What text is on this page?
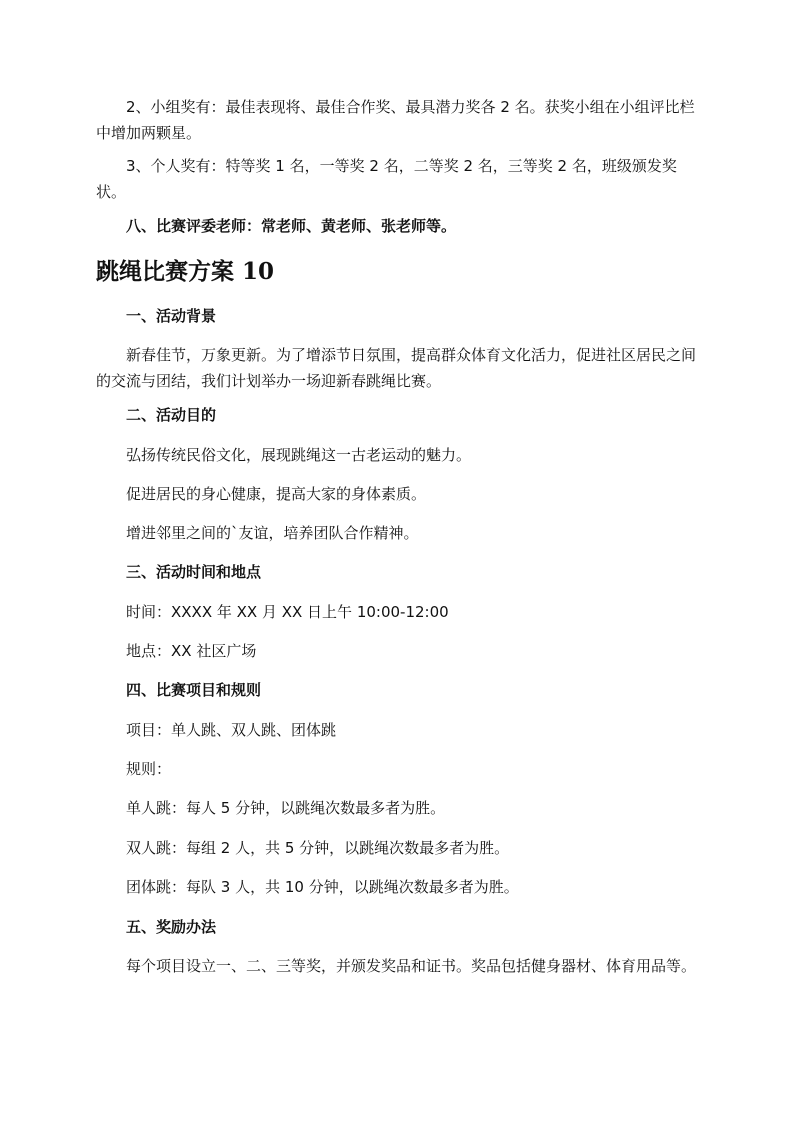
2、小组奖有：最佳表现将、最佳合作奖、最具潜力奖各 2 名。获奖小组在小组评比栏中增加两颗星。

3、个人奖有：特等奖 1 名，一等奖 2 名，二等奖 2 名，三等奖 2 名，班级颁发奖状。

八、比赛评委老师：常老师、黄老师、张老师等。

跳绳比赛方案 10

一、活动背景

新春佳节，万象更新。为了增添节日氛围，提高群众体育文化活力，促进社区居民之间的交流与团结，我们计划举办一场迎新春跳绳比赛。

二、活动目的

弘扬传统民俗文化，展现跳绳这一古老运动的魅力。

促进居民的身心健康，提高大家的身体素质。

增进邻里之间的`友谊，培养团队合作精神。

三、活动时间和地点

时间：XXXX 年 XX 月 XX 日上午 10:00-12:00

地点：XX 社区广场

四、比赛项目和规则

项目：单人跳、双人跳、团体跳

规则：

单人跳：每人 5 分钟，以跳绳次数最多者为胜。

双人跳：每组 2 人，共 5 分钟，以跳绳次数最多者为胜。

团体跳：每队 3 人，共 10 分钟，以跳绳次数最多者为胜。

五、奖励办法

每个项目设立一、二、三等奖，并颁发奖品和证书。奖品包括健身器材、体育用品等。
